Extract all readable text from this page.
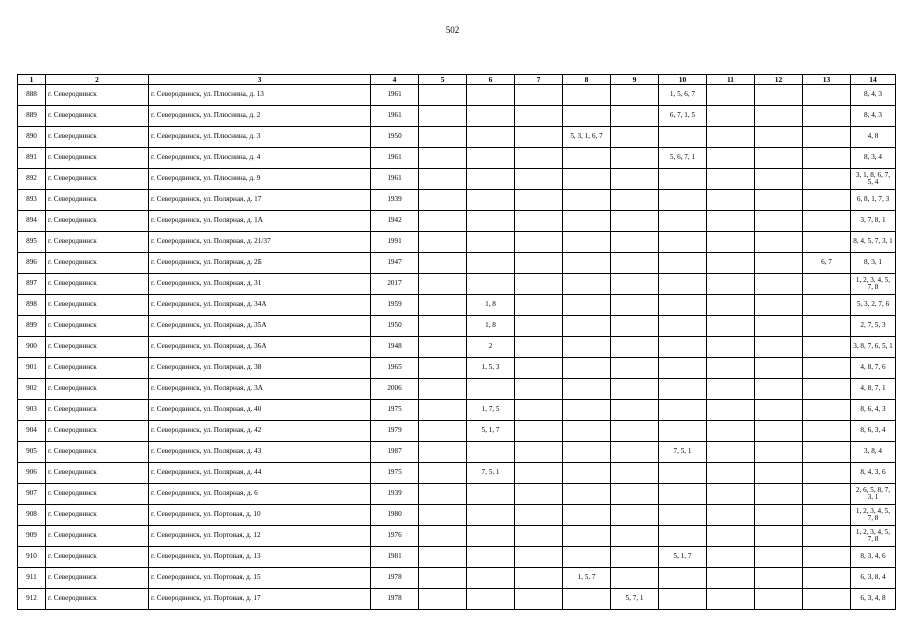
502
1	2	3	4	5	6	7	8	9	10	11	12	13	14
888	г. Северодвинск	г. Северодвинск, ул. Плюснина, д. 13	1961						1, 5, 6, 7				8, 4, 3
889	г. Северодвинск	г. Северодвинск, ул. Плюснина, д. 2	1961						6, 7, 1, 5				8, 4, 3
890	г. Северодвинск	г. Северодвинск, ул. Плюснина, д. 3	1950				5, 3, 1, 6, 7						4, 8
891	г. Северодвинск	г. Северодвинск, ул. Плюснина, д. 4	1961						5, 6, 7, 1				8, 3, 4
892	г. Северодвинск	г. Северодвинск, ул. Плюснина, д. 9	1961										3, 1, 8, 6, 7, 5, 4
893	г. Северодвинск	г. Северодвинск, ул. Полярная, д. 17	1939										6, 8, 1, 7, 3
894	г. Северодвинск	г. Северодвинск, ул. Полярная, д. 1А	1942										3, 7, 8, 1
895	г. Северодвинск	г. Северодвинск, ул. Полярная, д. 21/37	1991										8, 4, 5, 7, 3, 1
896	г. Северодвинск	г. Северодвинск, ул. Полярная, д. 2Б	1947									6, 7	8, 3, 1
897	г. Северодвинск	г. Северодвинск, ул. Полярная, д. 31	2017										1, 2, 3, 4, 5, 7, 8
898	г. Северодвинск	г. Северодвинск, ул. Полярная, д. 34А	1959		1, 8								5, 3, 2, 7, 6
899	г. Северодвинск	г. Северодвинск, ул. Полярная, д. 35А	1950		1, 8								2, 7, 5, 3
900	г. Северодвинск	г. Северодвинск, ул. Полярная, д. 36А	1948		2								3, 8, 7, 6, 5, 1
901	г. Северодвинск	г. Северодвинск, ул. Полярная, д. 38	1965		1, 5, 3								4, 8, 7, 6
902	г. Северодвинск	г. Северодвинск, ул. Полярная, д. 3А	2006										4, 8, 7, 1
903	г. Северодвинск	г. Северодвинск, ул. Полярная, д. 40	1975		1, 7, 5								8, 6, 4, 3
904	г. Северодвинск	г. Северодвинск, ул. Полярная, д. 42	1979		5, 1, 7								8, 6, 3, 4
905	г. Северодвинск	г. Северодвинск, ул. Полярная, д. 43	1987						7, 5, 1				3, 8, 4
906	г. Северодвинск	г. Северодвинск, ул. Полярная, д. 44	1975		7, 5, 1								8, 4, 3, 6
907	г. Северодвинск	г. Северодвинск, ул. Полярная, д. 6	1939										2, 6, 5, 8, 7, 3, 1
908	г. Северодвинск	г. Северодвинск, ул. Портовая, д. 10	1980										1, 2, 3, 4, 5, 7, 8
909	г. Северодвинск	г. Северодвинск, ул. Портовая, д. 12	1976										1, 2, 3, 4, 5, 7, 8
910	г. Северодвинск	г. Северодвинск, ул. Портовая, д. 13	1981						5, 1, 7				8, 3, 4, 6
911	г. Северодвинск	г. Северодвинск, ул. Портовая, д. 15	1978				1, 5, 7						6, 3, 8, 4
912	г. Северодвинск	г. Северодвинск, ул. Портовая, д. 17	1978					5, 7, 1					6, 3, 4, 8
